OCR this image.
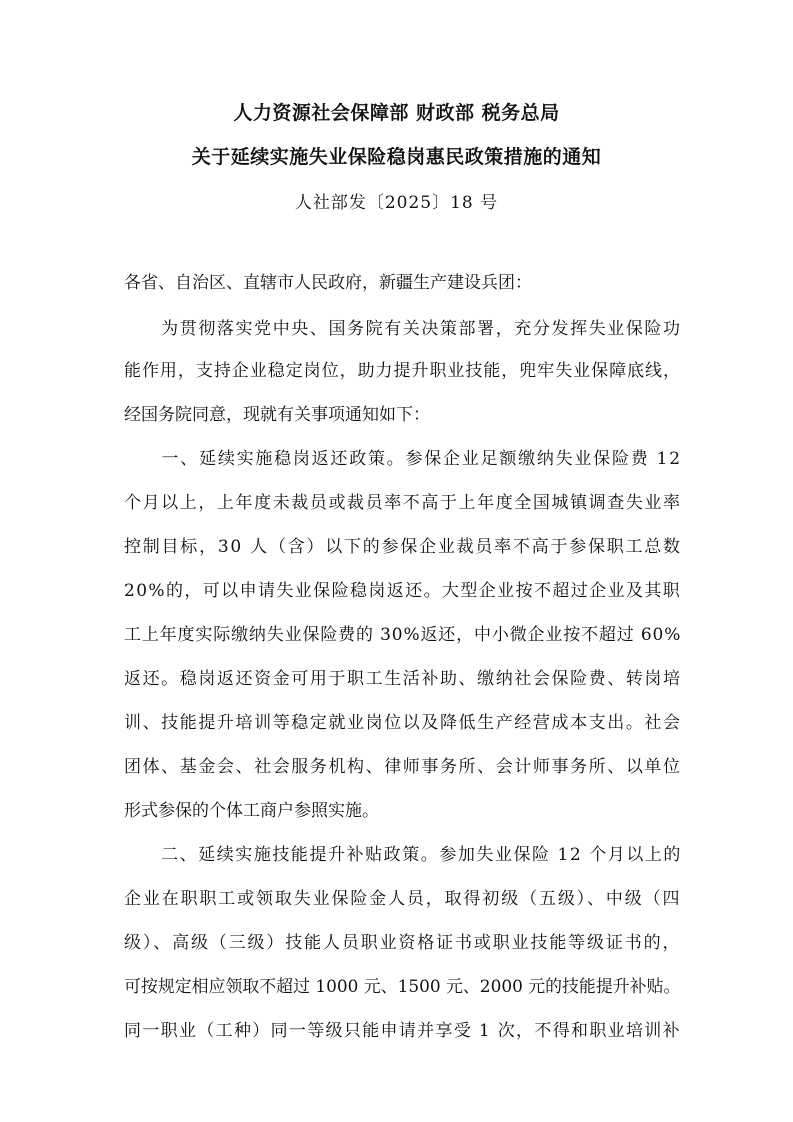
人力资源社会保障部 财政部 税务总局
关于延续实施失业保险稳岗惠民政策措施的通知
人社部发〔2025〕18 号
各省、自治区、直辖市人民政府，新疆生产建设兵团：
　　为贯彻落实党中央、国务院有关决策部署，充分发挥失业保险功
能作用，支持企业稳定岗位，助力提升职业技能，兜牢失业保障底线，
经国务院同意，现就有关事项通知如下：
　　一、延续实施稳岗返还政策。参保企业足额缴纳失业保险费 12
个月以上，上年度未裁员或裁员率不高于上年度全国城镇调查失业率
控制目标，30 人（含）以下的参保企业裁员率不高于参保职工总数
20%的，可以申请失业保险稳岗返还。大型企业按不超过企业及其职
工上年度实际缴纳失业保险费的 30%返还，中小微企业按不超过 60%
返还。稳岗返还资金可用于职工生活补助、缴纳社会保险费、转岗培
训、技能提升培训等稳定就业岗位以及降低生产经营成本支出。社会
团体、基金会、社会服务机构、律师事务所、会计师事务所、以单位
形式参保的个体工商户参照实施。
　　二、延续实施技能提升补贴政策。参加失业保险 12 个月以上的
企业在职职工或领取失业保险金人员，取得初级（五级）、中级（四
级）、高级（三级）技能人员职业资格证书或职业技能等级证书的，
可按规定相应领取不超过 1000 元、1500 元、2000 元的技能提升补贴。
同一职业（工种）同一等级只能申请并享受 1 次，不得和职业培训补
